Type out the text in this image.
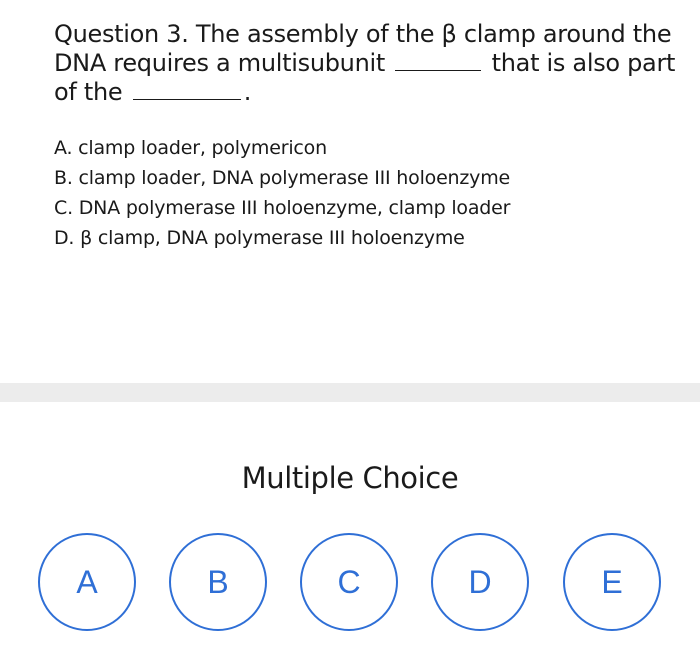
Question 3. The assembly of the β clamp around the
DNA requires a multisubunit	that is also part
of the	.
A. clamp loader, polymericon
B. clamp loader, DNA polymerase III holoenzyme
C. DNA polymerase III holoenzyme, clamp loader
D. β clamp, DNA polymerase III holoenzyme
Multiple Choice
A	B	C	D	E
